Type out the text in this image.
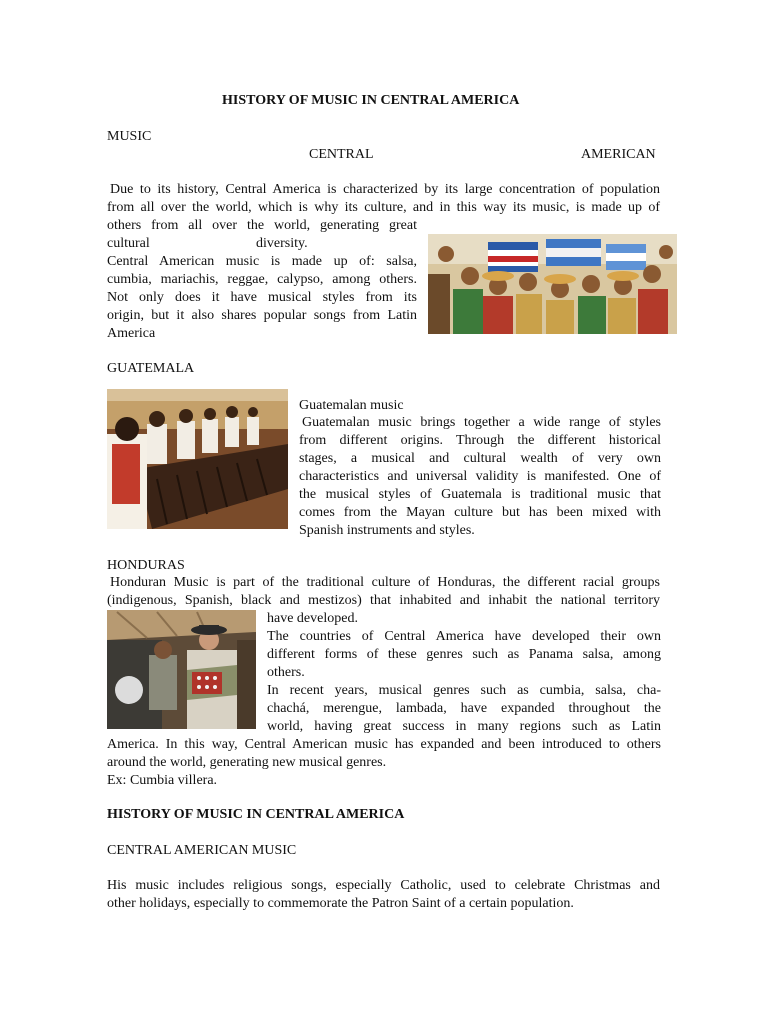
HISTORY OF MUSIC IN CENTRAL AMERICA
MUSIC
CENTRAL	AMERICAN
Due to its history, Central America is characterized by its large concentration of population
from all over the world, which is why its culture, and in this way its music, is made up of
others from all over the world, generating great
cultural	diversity.
Central American music is made up of: salsa,
cumbia, mariachis, reggae, calypso, among others.
Not only does it have musical styles from its
origin, but it also shares popular songs from Latin
America
GUATEMALA
Guatemalan music
Guatemalan music brings together a wide range of styles
from different origins. Through the different historical
stages, a musical and cultural wealth of very own
characteristics and universal validity is manifested. One of
the musical styles of Guatemala is traditional music that
comes from the Mayan culture but has been mixed with
Spanish instruments and styles.
HONDURAS
Honduran Music is part of the traditional culture of Honduras, the different racial groups
(indigenous, Spanish, black and mestizos) that inhabited and inhabit the national territory
have developed.
The countries of Central America have developed their own
different forms of these genres such as Panama salsa, among
others.
In recent years, musical genres such as cumbia, salsa, cha-
chachá, merengue, lambada, have expanded throughout the
world, having great success in many regions such as Latin
America. In this way, Central American music has expanded and been introduced to others
around the world, generating new musical genres.
Ex: Cumbia villera.
HISTORY OF MUSIC IN CENTRAL AMERICA
CENTRAL AMERICAN MUSIC
His music includes religious songs, especially Catholic, used to celebrate Christmas and
other holidays, especially to commemorate the Patron Saint of a certain population.
